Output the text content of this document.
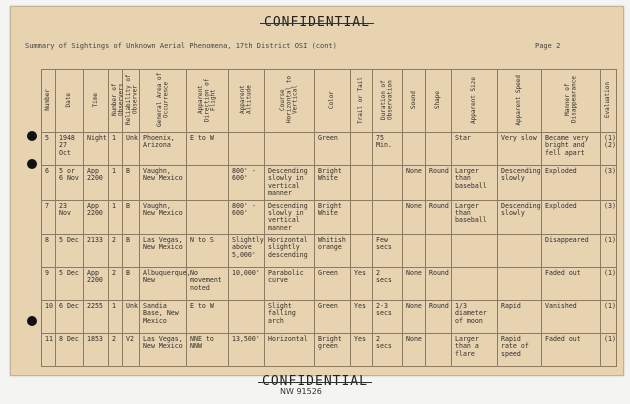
CONFIDENTIAL
Summary of Sightings of Unknown Aerial Phenomena, 17th District OSI (cont)	Page 2
Number	Date	Time	Number of Observers	Reliability of Observer	General Area of Occurrence	Apparent Direction of Flight	Apparent Altitude	Course Horizontal to Vertical	Color	Trail or Tail	Duration of Observation	Sound	Shape	Apparent Size	Apparent Speed	Manner of Disappearance	Evaluation
5	1948 27 Oct	Night	1	Unk	Phoenix, Arizona	E to W			Green		75 Min.			Star	Very slow	Became very bright and fell apart	(1) (2)
6	5 or 6 Nov	App 2200	1	B	Vaughn, New Mexico		800' - 600'	Descending slowly in vertical manner	Bright White			None	Round	Larger than baseball	Descending slowly	Exploded	(3)
7	23 Nov	App 2200	1	B	Vaughn, New Mexico		800' - 600'	Descending slowly in vertical manner	Bright White			None	Round	Larger than baseball	Descending slowly	Exploded	(3)
8	5 Dec	2133	2	B	Las Vegas, New Mexico	N to S	Slightly above 5,000'	Horizontal slightly descending	Whitish orange		Few secs					Disappeared	(1)
9	5 Dec	App 2200	2	B	Albuquerque, New	No movement noted	10,000'	Parabolic curve	Green	Yes	2 secs	None	Round			Faded out	(1)
10	6 Dec	2255	1	Unk	Sandia Base, New Mexico	E to W		Slight falling arch	Green	Yes	2-3 secs	None	Round	1/3 diameter of moon	Rapid	Vanished	(1)
11	8 Dec	1853	2	V2	Las Vegas, New Mexico	NNE to NNW	13,500'	Horizontal	Bright green	Yes	2 secs	None		Larger than a flare	Rapid rate of speed	Faded out	(1)
CONFIDENTIAL
NW 91526
